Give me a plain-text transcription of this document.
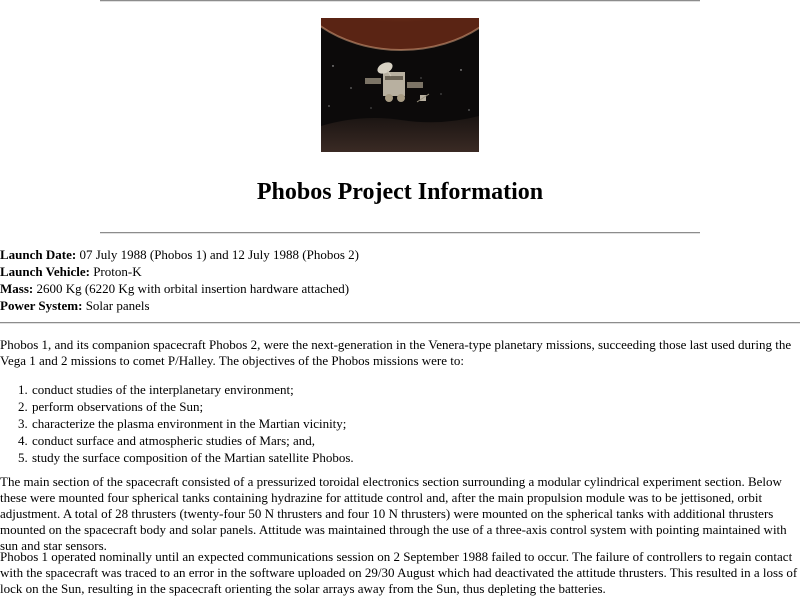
Phobos Project Information
Launch Date: 07 July 1988 (Phobos 1) and 12 July 1988 (Phobos 2)
Launch Vehicle: Proton-K
Mass: 2600 Kg (6220 Kg with orbital insertion hardware attached)
Power System: Solar panels

Phobos 1, and its companion spacecraft Phobos 2, were the next-generation in the Venera-type planetary missions, succeeding those last used during the Vega 1 and 2 missions to comet P/Halley. The objectives of the Phobos missions were to:

1. conduct studies of the interplanetary environment;
2. perform observations of the Sun;
3. characterize the plasma environment in the Martian vicinity;
4. conduct surface and atmospheric studies of Mars; and,
5. study the surface composition of the Martian satellite Phobos.

The main section of the spacecraft consisted of a pressurized toroidal electronics section surrounding a modular cylindrical experiment section. Below these were mounted four spherical tanks containing hydrazine for attitude control and, after the main propulsion module was to be jettisoned, orbit adjustment. A total of 28 thrusters (twenty-four 50 N thrusters and four 10 N thrusters) were mounted on the spherical tanks with additional thrusters mounted on the spacecraft body and solar panels. Attitude was maintained through the use of a three-axis control system with pointing maintained with sun and star sensors.

Phobos 1 operated nominally until an expected communications session on 2 September 1988 failed to occur. The failure of controllers to regain contact with the spacecraft was traced to an error in the software uploaded on 29/30 August which had deactivated the attitude thrusters. This resulted in a loss of lock on the Sun, resulting in the spacecraft orienting the solar arrays away from the Sun, thus depleting the batteries.
